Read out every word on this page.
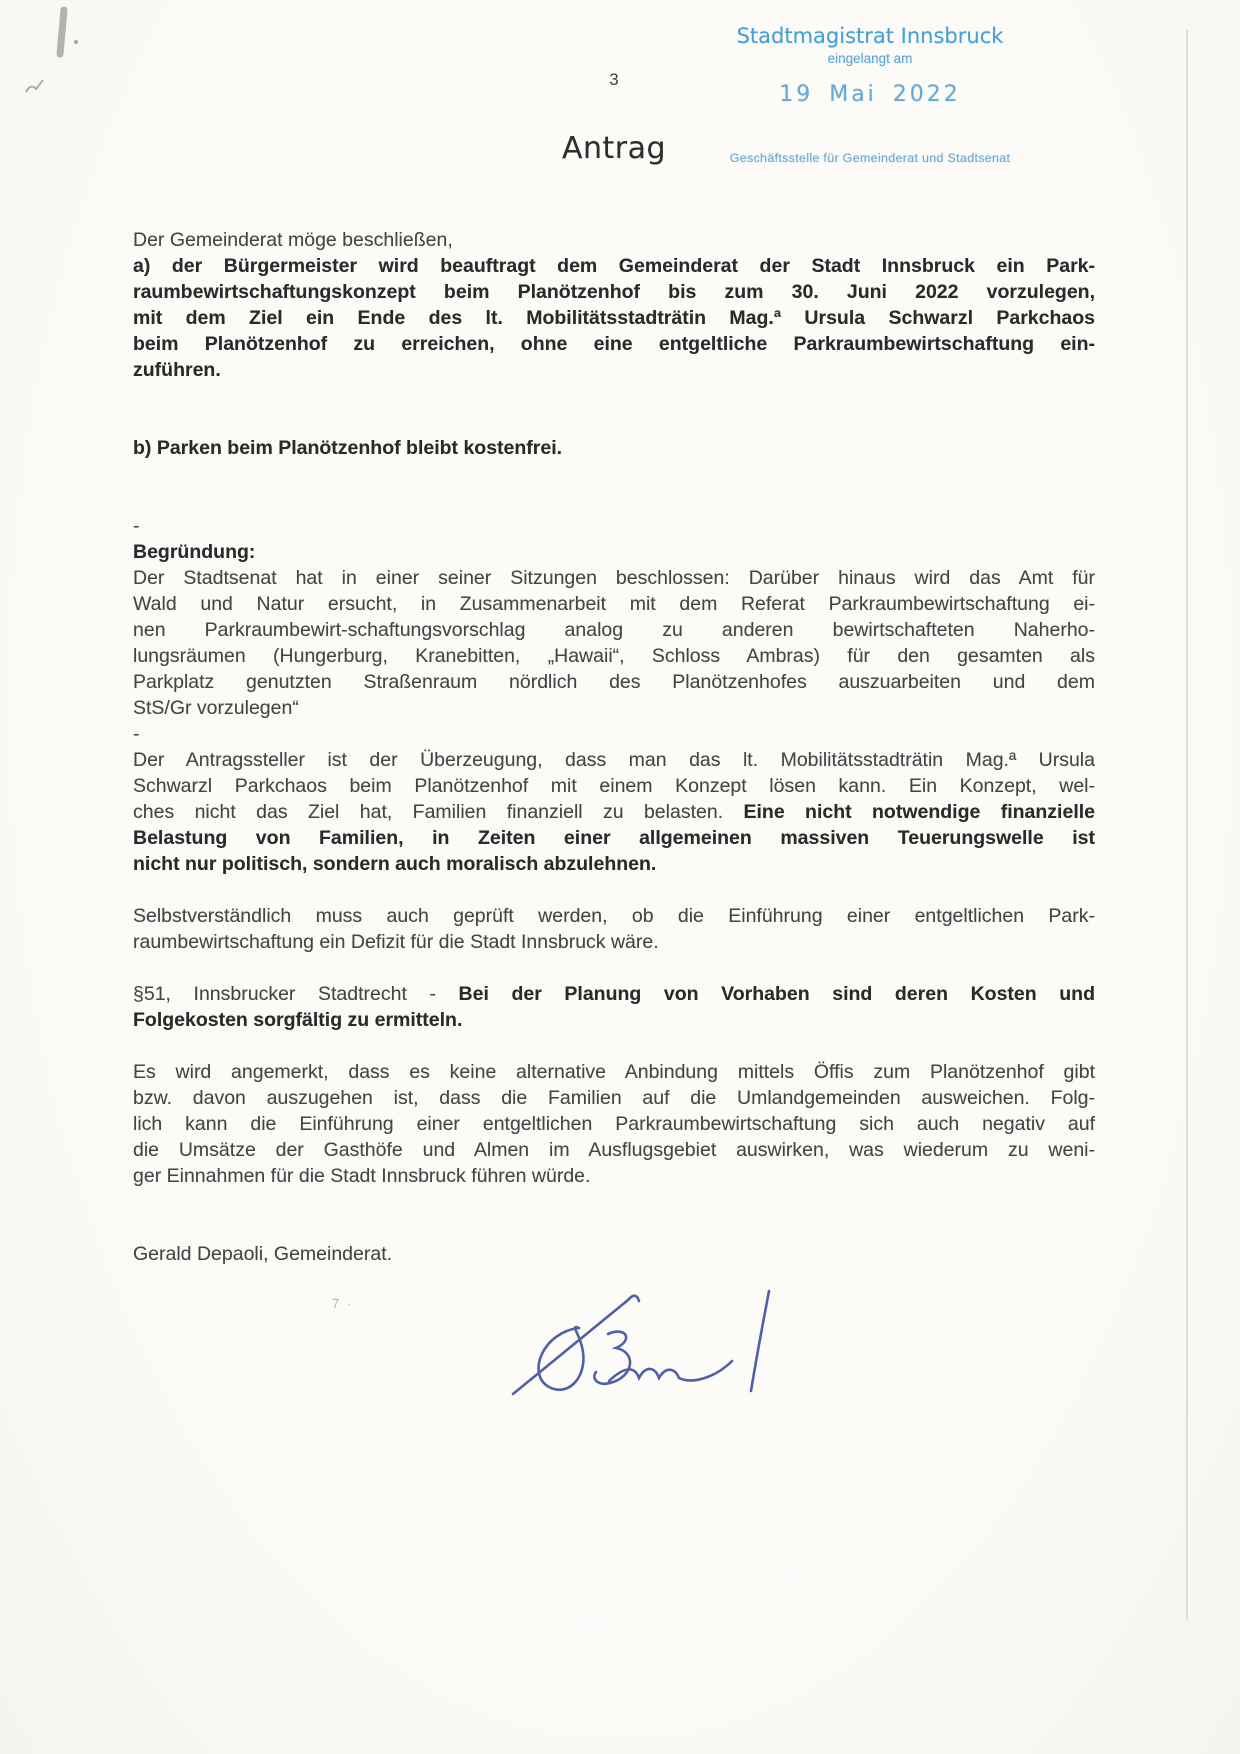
3
Antrag
Stadtmagistrat Innsbruck
eingelangt am
19 Mai 2022
Geschäftsstelle für Gemeinderat und Stadtsenat
Der Gemeinderat möge beschließen,
a) der Bürgermeister wird beauftragt dem Gemeinderat der Stadt Innsbruck ein Park-
raumbewirtschaftungskonzept beim Planötzenhof bis zum 30. Juni 2022 vorzulegen,
mit dem Ziel ein Ende des lt. Mobilitätsstadträtin Mag.ª Ursula Schwarzl Parkchaos
beim Planötzenhof zu erreichen, ohne eine entgeltliche Parkraumbewirtschaftung ein-
zuführen.
b) Parken beim Planötzenhof bleibt kostenfrei.
-
Begründung:
Der Stadtsenat hat in einer seiner Sitzungen beschlossen: Darüber hinaus wird das Amt für
Wald und Natur ersucht, in Zusammenarbeit mit dem Referat Parkraumbewirtschaftung ei-
nen Parkraumbewirt-schaftungsvorschlag analog zu anderen bewirtschafteten Naherho-
lungsräumen (Hungerburg, Kranebitten, „Hawaii“, Schloss Ambras) für den gesamten als
Parkplatz genutzten Straßenraum nördlich des Planötzenhofes auszuarbeiten und dem
StS/Gr vorzulegen“
-
Der Antragssteller ist der Überzeugung, dass man das lt. Mobilitätsstadträtin Mag.ª Ursula
Schwarzl Parkchaos beim Planötzenhof mit einem Konzept lösen kann. Ein Konzept, wel-
ches nicht das Ziel hat, Familien finanziell zu belasten. Eine nicht notwendige finanzielle
Belastung von Familien, in Zeiten einer allgemeinen massiven Teuerungswelle ist
nicht nur politisch, sondern auch moralisch abzulehnen.
Selbstverständlich muss auch geprüft werden, ob die Einführung einer entgeltlichen Park-
raumbewirtschaftung ein Defizit für die Stadt Innsbruck wäre.
§51, Innsbrucker Stadtrecht - Bei der Planung von Vorhaben sind deren Kosten und
Folgekosten sorgfältig zu ermitteln.
Es wird angemerkt, dass es keine alternative Anbindung mittels Öffis zum Planötzenhof gibt
bzw. davon auszugehen ist, dass die Familien auf die Umlandgemeinden ausweichen. Folg-
lich kann die Einführung einer entgeltlichen Parkraumbewirtschaftung sich auch negativ auf
die Umsätze der Gasthöfe und Almen im Ausflugsgebiet auswirken, was wiederum zu weni-
ger Einnahmen für die Stadt Innsbruck führen würde.
Gerald Depaoli, Gemeinderat.
7 ·
